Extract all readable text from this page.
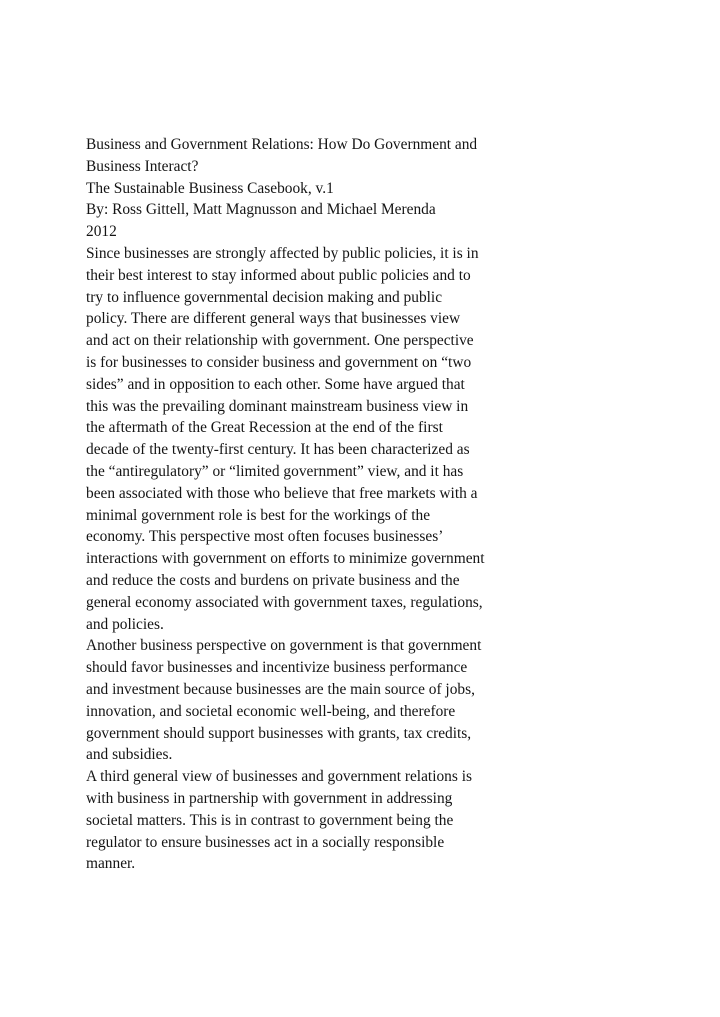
Business and Government Relations: How Do Government and
Business Interact?
The Sustainable Business Casebook, v.1
By: Ross Gittell, Matt Magnusson and Michael Merenda
2012
Since businesses are strongly affected by public policies, it is in
their best interest to stay informed about public policies and to
try to influence governmental decision making and public
policy. There are different general ways that businesses view
and act on their relationship with government. One perspective
is for businesses to consider business and government on “two
sides” and in opposition to each other. Some have argued that
this was the prevailing dominant mainstream business view in
the aftermath of the Great Recession at the end of the first
decade of the twenty-first century. It has been characterized as
the “antiregulatory” or “limited government” view, and it has
been associated with those who believe that free markets with a
minimal government role is best for the workings of the
economy. This perspective most often focuses businesses’
interactions with government on efforts to minimize government
and reduce the costs and burdens on private business and the
general economy associated with government taxes, regulations,
and policies.
Another business perspective on government is that government
should favor businesses and incentivize business performance
and investment because businesses are the main source of jobs,
innovation, and societal economic well-being, and therefore
government should support businesses with grants, tax credits,
and subsidies.
A third general view of businesses and government relations is
with business in partnership with government in addressing
societal matters. This is in contrast to government being the
regulator to ensure businesses act in a socially responsible
manner.
